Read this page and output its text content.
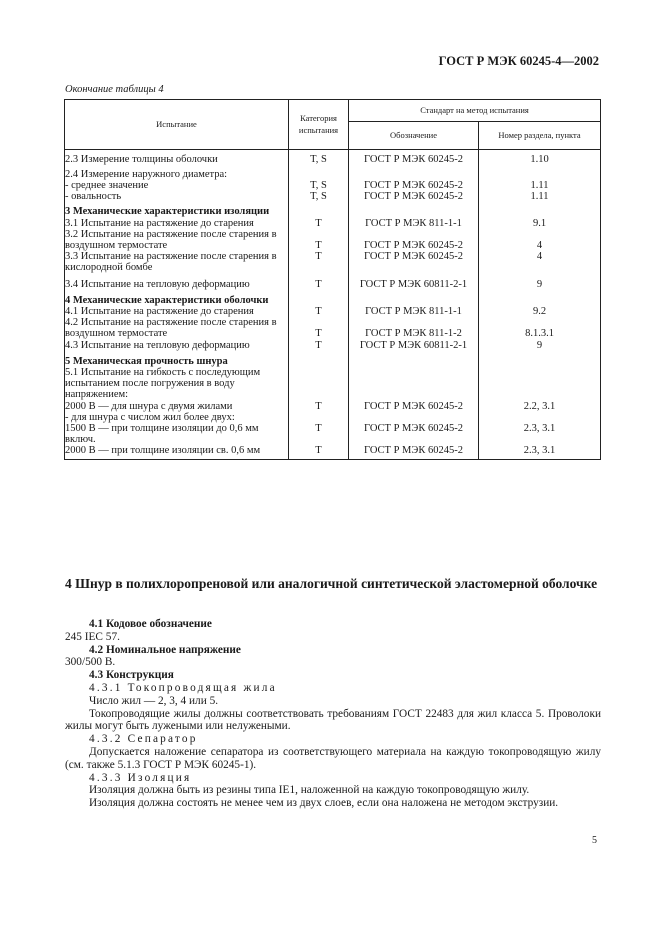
ГОСТ Р МЭК 60245-4—2002
Окончание таблицы 4
Испытание	Категория испытания	Стандарт на метод испытания	
		Обозначение	Номер раздела, пункта

2.3 Измерение толщины оболочки	T, S	ГОСТ Р МЭК 60245-2	1.10

2.4 Измерение наружного диаметра:			
- среднее значение	T, S	ГОСТ Р МЭК 60245-2	1.11
- овальность	T, S	ГОСТ Р МЭК 60245-2	1.11

3 Механические характеристики изоляции			
3.1 Испытание на растяжение до старения	T	ГОСТ Р МЭК 811-1-1	9.1
3.2 Испытание на растяжение после старения в воздушном термостате	T	ГОСТ Р МЭК 60245-2	4
3.3 Испытание на растяжение после старения в кислородной бомбе	T	ГОСТ Р МЭК 60245-2	4

3.4 Испытание на тепловую деформацию	T	ГОСТ Р МЭК 60811-2-1	9

4 Механические характеристики оболочки			
4.1 Испытание на растяжение до старения	T	ГОСТ Р МЭК 811-1-1	9.2
4.2 Испытание на растяжение после старения в воздушном термостате	T	ГОСТ Р МЭК 811-1-2	8.1.3.1
4.3 Испытание на тепловую деформацию	T	ГОСТ Р МЭК 60811-2-1	9

5 Механическая прочность шнура			
5.1 Испытание на гибкость с последующим испытанием после погружения в воду напряжением:			
2000 В — для шнура с двумя жилами	T	ГОСТ Р МЭК 60245-2	2.2, 3.1
- для шнура с числом жил более двух:			
1500 В — при толщине изоляции до 0,6 мм включ.	T	ГОСТ Р МЭК 60245-2	2.3, 3.1
2000 В — при толщине изоляции св. 0,6 мм	T	ГОСТ Р МЭК 60245-2	2.3, 3.1
4 Шнур в полихлоропреновой или аналогичной синтетической эластомерной оболочке

4.1 Кодовое обозначение

245 IEC 57.

4.2 Номинальное напряжение

300/500 В.

4.3 Конструкция

4.3.1 Токопроводящая жила

Число жил — 2, 3, 4 или 5.

Токопроводящие жилы должны соответствовать требованиям ГОСТ 22483 для жил класса 5. Проволоки жилы могут быть лужеными или нелужеными.

4.3.2 Сепаратор

Допускается наложение сепаратора из соответствующего материала на каждую токопроводящую жилу (см. также 5.1.3 ГОСТ Р МЭК 60245-1).

4.3.3 Изоляция

Изоляция должна быть из резины типа IE1, наложенной на каждую токопроводящую жилу.

Изоляция должна состоять не менее чем из двух слоев, если она наложена не методом экструзии.

5
